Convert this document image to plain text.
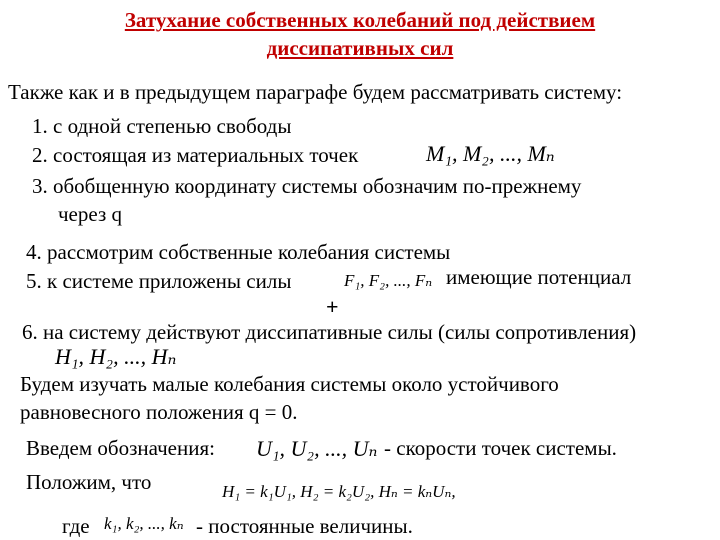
Затухание собственных колебаний под действием
диссипативных сил
Также как и в предыдущем параграфе будем рассматривать систему:
1. с одной степенью свободы
2. состоящая из материальных точек	M₁, M₂, ..., Mₙ
3. обобщенную координату системы обозначим по-прежнему
через q
4. рассмотрим собственные колебания системы
5. к системе приложены силы	F₁, F₂, ..., Fₙ имеющие потенциал
+
6. на систему действуют диссипативные силы (силы сопротивления)
H₁, H₂, ..., Hₙ
Будем изучать малые колебания системы около устойчивого
равновесного положения q = 0.
Введем обозначения: U₁, U₂, ..., Uₙ - скорости точек системы.
Положим, что	H₁ = k₁U₁, H₂ = k₂U₂, Hₙ = kₙUₙ,
где k₁, k₂, ..., kₙ - постоянные величины.
